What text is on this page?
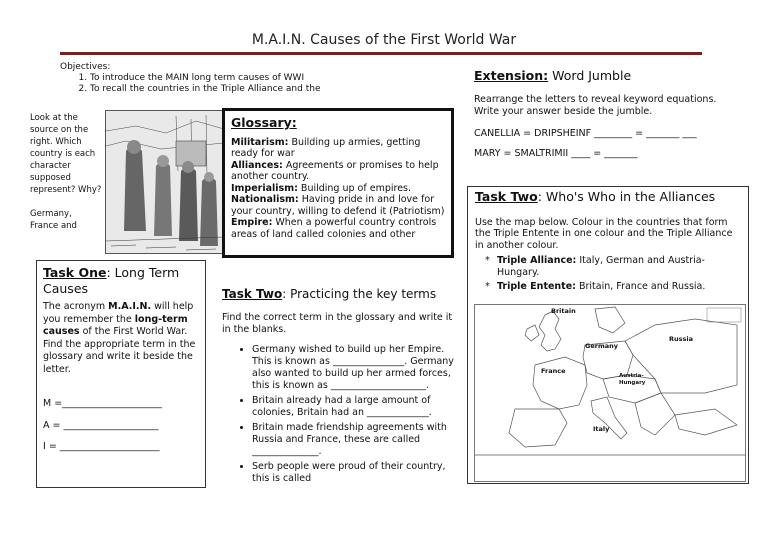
M.A.I.N. Causes of the First World War
Objectives:
1. To introduce the MAIN long term causes of WWI
2. To recall the countries in the Triple Alliance and the
Look at the source on the right. Which country is each character supposed represent? Why?
Germany, France and
Glossary:

Militarism: Building up armies, getting ready for war

Alliances: Agreements or promises to help another country.

Imperialism: Building up of empires.

Nationalism: Having pride in and love for your country, willing to defend it (Patriotism)

Empire: When a powerful country controls areas of land called colonies and other

Task One: Long Term Causes
The acronym M.A.I.N. will help you remember the long-term causes of the First World War. Find the appropriate term in the glossary and write it beside the letter.
M =_____________________
A = ____________________
I = _____________________
Task Two: Practicing the key terms
Find the correct term in the glossary and write it in the blanks.
• Germany wished to build up her Empire. This is known as _______________. Germany also wanted to build up her armed forces, this is known as ____________________.
• Britain already had a large amount of colonies, Britain had an _____________.
• Britain made friendship agreements with Russia and France, these are called ______________.
• Serb people were proud of their country, this is called
Extension: Word Jumble
Rearrange the letters to reveal keyword equations. Write your answer beside the jumble.
CANELLIA = DRIPSHEINF ________ = _______ ___
MARY = SMALTRIMII ____ = _______
Task Two: Who's Who in the Alliances
Use the map below. Colour in the countries that form the Triple Entente in one colour and the Triple Alliance in another colour.
* Triple Alliance: Italy, German and Austria-Hungary.
* Triple Entente: Britain, France and Russia.
Britain
Germany
Russia
France
Austria-
Hungary
Italy
